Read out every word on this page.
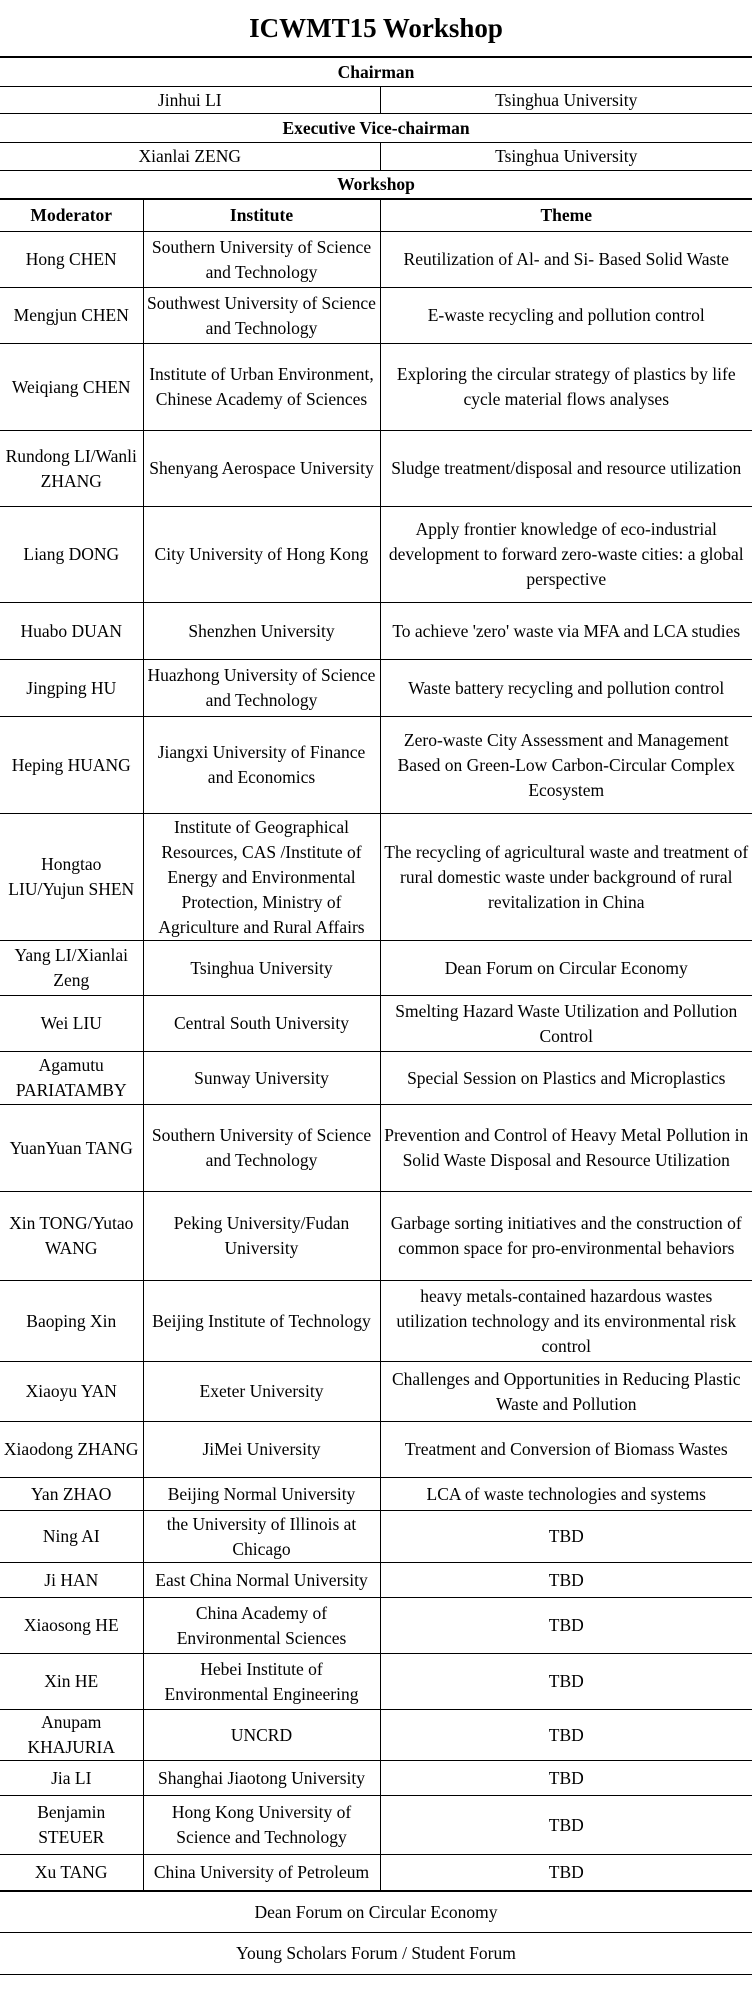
ICWMT15 Workshop
Chairman	
Jinhui LI	Tsinghua University
Executive Vice-chairman	
Xianlai ZENG	Tsinghua University
Workshop	
Moderator	Institute	Theme
Hong CHEN	Southern University of Science and Technology	Reutilization of Al- and Si- Based Solid Waste
Mengjun CHEN	Southwest University of Science and Technology	E-waste recycling and pollution control
Weiqiang CHEN	Institute of Urban Environment, Chinese Academy of Sciences	Exploring the circular strategy of plastics by life cycle material flows analyses
Rundong LI/Wanli ZHANG	Shenyang Aerospace University	Sludge treatment/disposal and resource utilization
Liang DONG	City University of Hong Kong	Apply frontier knowledge of eco-industrial development to forward zero-waste cities: a global perspective
Huabo DUAN	Shenzhen University	To achieve 'zero' waste via MFA and LCA studies
Jingping HU	Huazhong University of Science and Technology	Waste battery recycling and pollution control
Heping HUANG	Jiangxi University of Finance and Economics	Zero-waste City Assessment and Management Based on Green-Low Carbon-Circular Complex Ecosystem
Hongtao LIU/Yujun SHEN	Institute of Geographical Resources, CAS /Institute of Energy and Environmental Protection, Ministry of Agriculture and Rural Affairs	The recycling of agricultural waste and treatment of rural domestic waste under background of rural revitalization in China
Yang LI/Xianlai Zeng	Tsinghua University	Dean Forum on Circular Economy
Wei LIU	Central South University	Smelting Hazard Waste Utilization and Pollution Control
Agamutu PARIATAMBY	Sunway University	Special Session on Plastics and Microplastics
YuanYuan TANG	Southern University of Science and Technology	Prevention and Control of Heavy Metal Pollution in Solid Waste Disposal and Resource Utilization
Xin TONG/Yutao WANG	Peking University/Fudan University	Garbage sorting initiatives and the construction of common space for pro-environmental behaviors
Baoping Xin	Beijing Institute of Technology	heavy metals-contained hazardous wastes utilization technology and its environmental risk control
Xiaoyu YAN	Exeter University	Challenges and Opportunities in Reducing Plastic Waste and Pollution
Xiaodong ZHANG	JiMei University	Treatment and Conversion of Biomass Wastes
Yan ZHAO	Beijing Normal University	LCA of waste technologies and systems
Ning AI	the University of Illinois at Chicago	TBD
Ji HAN	East China Normal University	TBD
Xiaosong HE	China Academy of Environmental Sciences	TBD
Xin HE	Hebei Institute of Environmental Engineering	TBD
Anupam KHAJURIA	UNCRD	TBD
Jia LI	Shanghai Jiaotong University	TBD
Benjamin STEUER	Hong Kong University of Science and Technology	TBD
Xu TANG	China University of Petroleum	TBD
Dean Forum on Circular Economy
Young Scholars Forum / Student Forum
